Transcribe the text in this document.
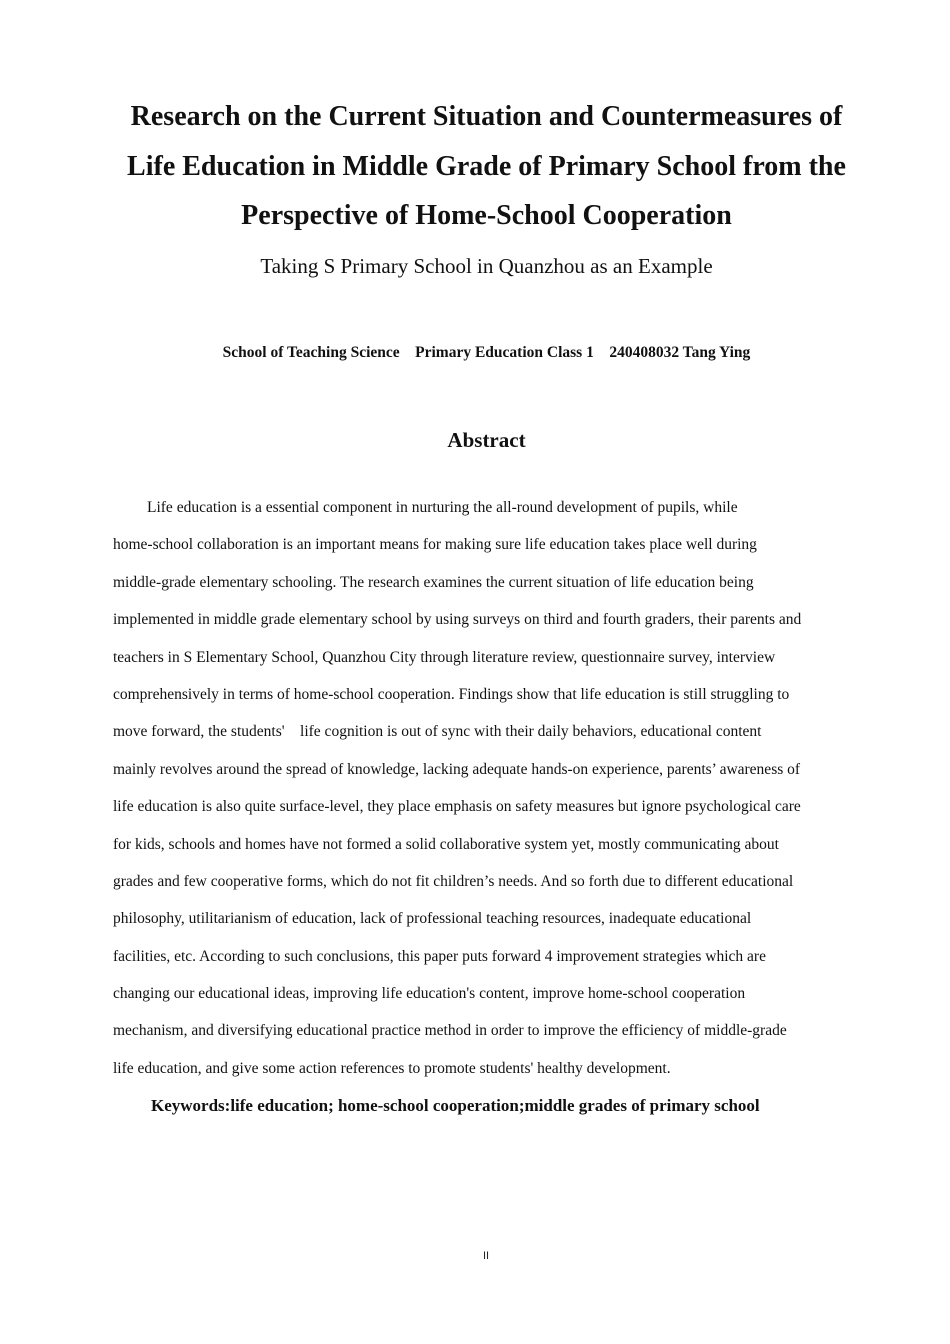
Research on the Current Situation and Countermeasures of
Life Education in Middle Grade of Primary School from the
Perspective of Home-School Cooperation
Taking S Primary School in Quanzhou as an Example
School of Teaching Science    Primary Education Class 1    240408032 Tang Ying
Abstract
Life education is a essential component in nurturing the all-round development of pupils, while
home-school collaboration is an important means for making sure life education takes place well during
middle-grade elementary schooling. The research examines the current situation of life education being
implemented in middle grade elementary school by using surveys on third and fourth graders, their parents and
teachers in S Elementary School, Quanzhou City through literature review, questionnaire survey, interview
comprehensively in terms of home-school cooperation. Findings show that life education is still struggling to
move forward, the students'    life cognition is out of sync with their daily behaviors, educational content
mainly revolves around the spread of knowledge, lacking adequate hands-on experience, parents’ awareness of
life education is also quite surface-level, they place emphasis on safety measures but ignore psychological care
for kids, schools and homes have not formed a solid collaborative system yet, mostly communicating about
grades and few cooperative forms, which do not fit children’s needs. And so forth due to different educational
philosophy, utilitarianism of education, lack of professional teaching resources, inadequate educational
facilities, etc. According to such conclusions, this paper puts forward 4 improvement strategies which are
changing our educational ideas, improving life education's content, improve home-school cooperation
mechanism, and diversifying educational practice method in order to improve the efficiency of middle-grade
life education, and give some action references to promote students' healthy development.
Keywords:life education; home-school cooperation;middle grades of primary school
II
